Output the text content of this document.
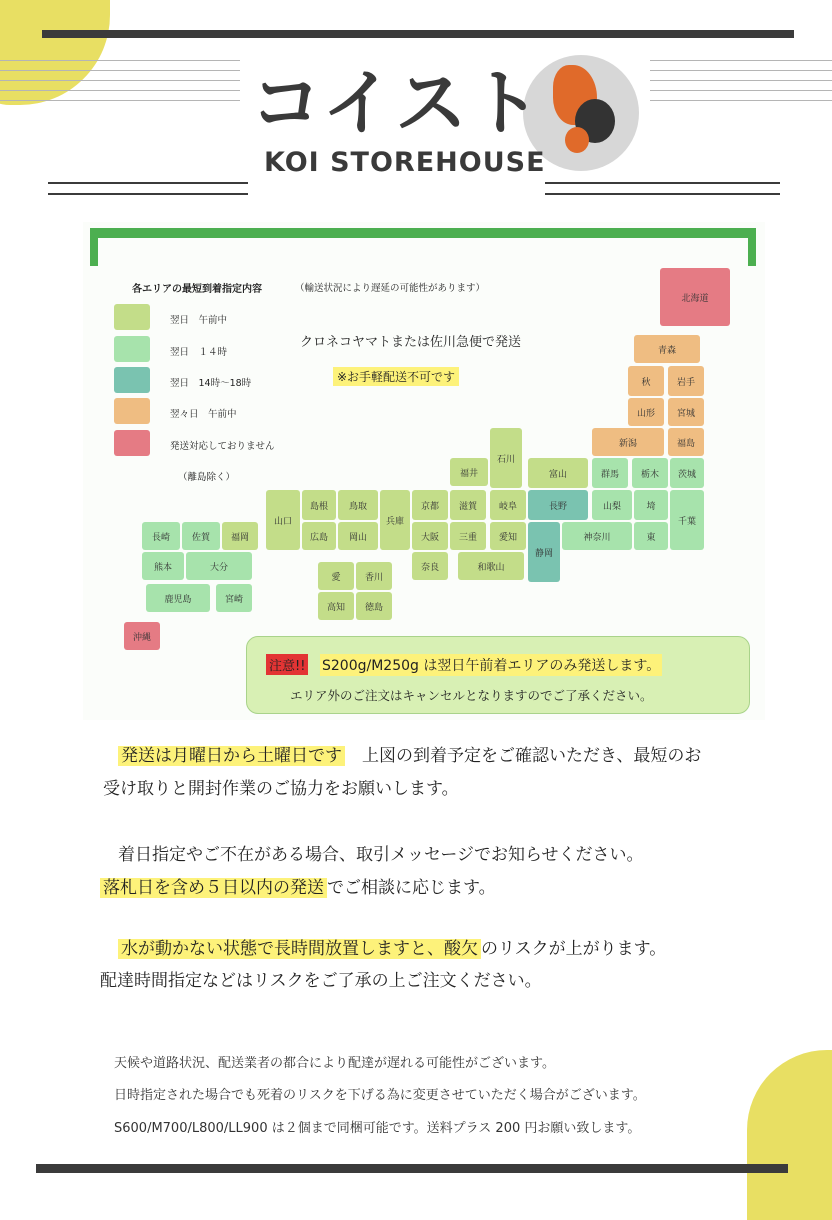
コイスト
KOI STOREHOUSE
各エリアの最短到着指定内容	（輸送状況により遅延の可能性があります）
翌日　午前中
翌日　１４時
翌日　14時〜18時
翌々日　午前中
発送対応しておりません
（離島除く）
クロネコヤマトまたは佐川急便で発送
※お手軽配送不可です
北海道
青森
秋	岩手
山形	宮城
新潟	福島
石川
福井	富山	群馬	栃木	茨城
長野	山梨	埼
千葉
静岡
神奈川	東
山口
島根	鳥取
兵庫
京都	滋賀	岐阜
広島	岡山	大阪	三重	愛知
奈良	和歌山
愛	香川
高知	徳島
長崎	佐賀	福岡
熊本	大分
鹿児島	宮崎
沖縄
注意!! S200g/M250g は翌日午前着エリアのみ発送します。
エリア外のご注文はキャンセルとなりますのでご了承ください。
発送は月曜日から土曜日です　 上図の到着予定をご確認いただき、最短のお
受け取りと開封作業のご協力をお願いします。
着日指定やご不在がある場合、取引メッセージでお知らせください。
落札日を含め５日以内の発送 でご相談に応じます。
水が動かない状態で長時間放置しますと、酸欠 のリスクが上がります。
配達時間指定などはリスクをご了承の上ご注文ください。
天候や道路状況、配送業者の都合により配達が遅れる可能性がございます。
日時指定された場合でも死着のリスクを下げる為に変更させていただく場合がございます。
S600/M700/L800/LL900 は２個まで同梱可能です。送料プラス 200 円お願い致します。
